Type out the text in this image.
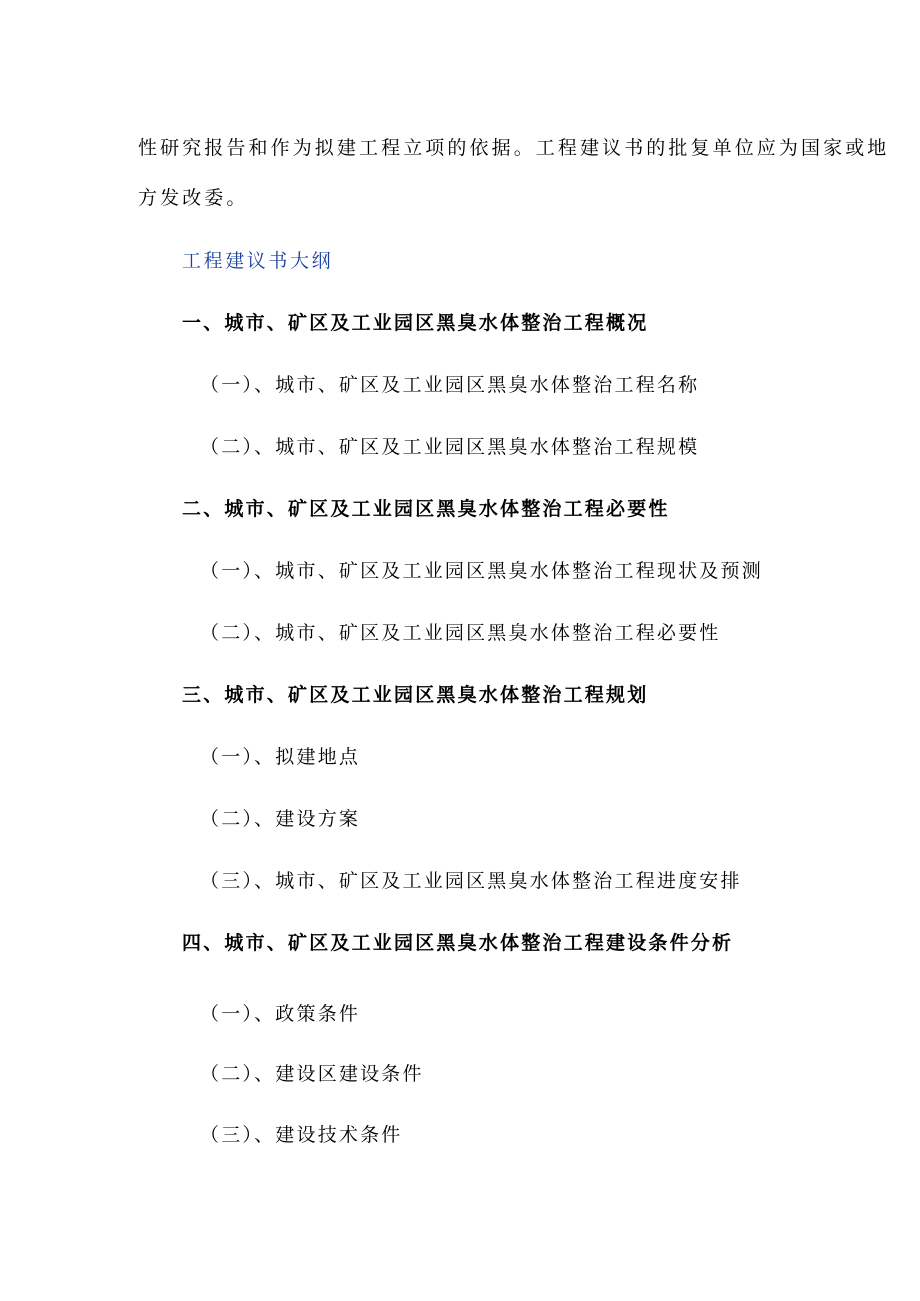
性研究报告和作为拟建工程立项的依据。工程建议书的批复单位应为国家或地
方发改委。
工程建议书大纲
一、城市、矿区及工业园区黑臭水体整治工程概况
（一）、城市、矿区及工业园区黑臭水体整治工程名称
（二）、城市、矿区及工业园区黑臭水体整治工程规模
二、城市、矿区及工业园区黑臭水体整治工程必要性
（一）、城市、矿区及工业园区黑臭水体整治工程现状及预测
（二）、城市、矿区及工业园区黑臭水体整治工程必要性
三、城市、矿区及工业园区黑臭水体整治工程规划
（一）、拟建地点
（二）、建设方案
（三）、城市、矿区及工业园区黑臭水体整治工程进度安排
四、城市、矿区及工业园区黑臭水体整治工程建设条件分析
（一）、政策条件
（二）、建设区建设条件
（三）、建设技术条件
